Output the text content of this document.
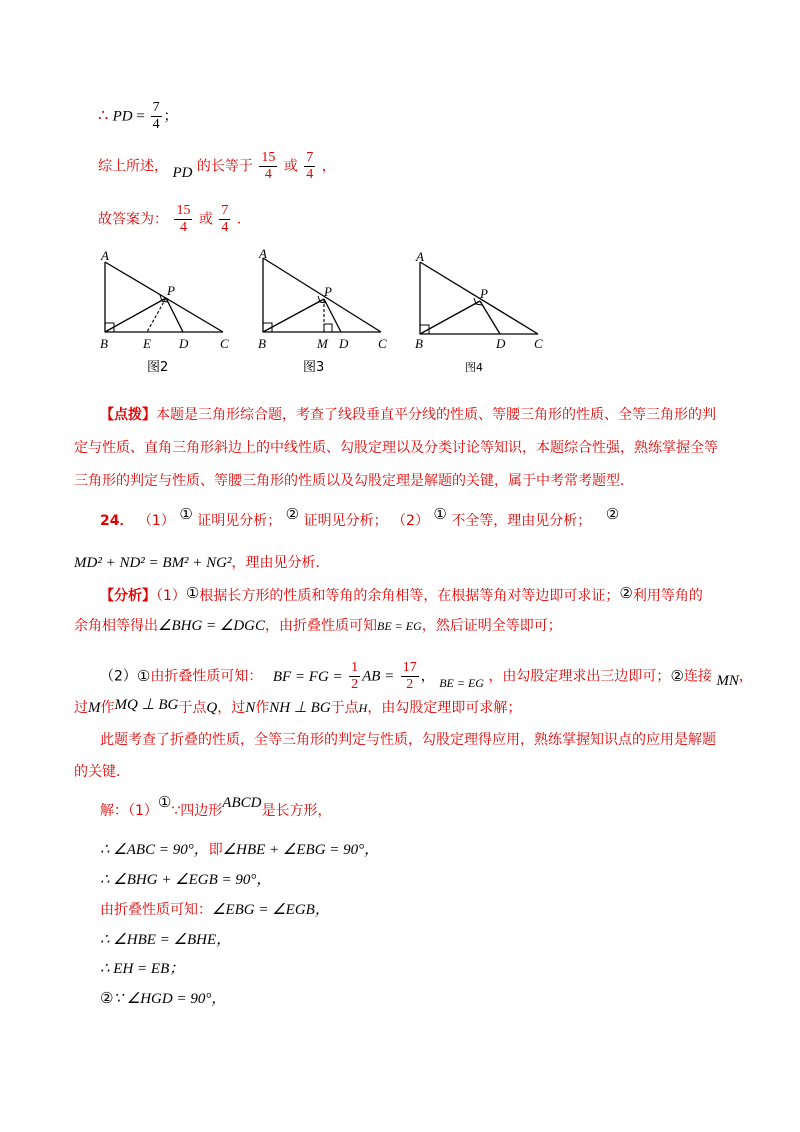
∴ PD = $\frac{7}{4}$ ；
综上所述， PD 的长等于 $\frac{15}{4}$ 或 $\frac{7}{4}$ ，
故答案为： $\frac{15}{4}$ 或 $\frac{7}{4}$ ．
A
B	E D C
P
图2
A
B	M D C
P
图3
A
B	D C
P
图4
【点拨】本题是三角形综合题，考查了线段垂直平分线的性质、等腰三角形的性质、全等三角形的判
定与性质、直角三角形斜边上的中线性质、勾股定理以及分类讨论等知识，本题综合性强，熟练掌握全等
三角形的判定与性质、等腰三角形的性质以及勾股定理是解题的关键，属于中考常考题型．
24． （1） ① 证明见分析； ② 证明见分析； （2） ① 不全等，理由见分析； ②
MD² + ND² = BM² + NG²，理由见分析．
【分析】（1）①根据长方形的性质和等角的余角相等，在根据等角对等边即可求证；②利用等角的
余角相等得出∠BHG = ∠DGC，由折叠性质可知BE = EG，然后证明全等即可；
（2）①由折叠性质可知： BF = FG = $\frac{1}{2}$ AB = $\frac{17}{2}$ ， BE = EG ，由勾股定理求出三边即可；②连接 MN，
过M作MQ ⊥ BG于点Q，过N作NH ⊥ BG于点H，由勾股定理即可求解；
此题考查了折叠的性质，全等三角形的判定与性质，勾股定理得应用，熟练掌握知识点的应用是解题
的关键．
解：（1）①∵四边形ABCD是长方形，
∴ ∠ABC = 90°，即∠HBE + ∠EBG = 90°，
∴ ∠BHG + ∠EGB = 90°，
由折叠性质可知：∠EBG = ∠EGB，
∴ ∠HBE = ∠BHE，
∴ EH = EB；
②∵ ∠HGD = 90°，
